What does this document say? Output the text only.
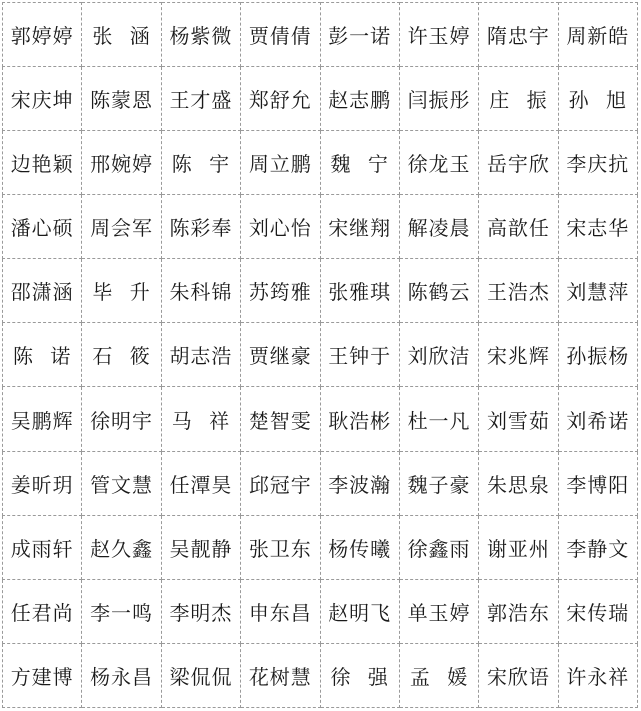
郭婷婷	张 涵	杨紫微	贾倩倩	彭一诺	许玉婷	隋忠宇	周新皓
宋庆坤	陈蒙恩	王才盛	郑舒允	赵志鹏	闫振彤	庄 振	孙 旭
边艳颖	邢婉婷	陈 宇	周立鹏	魏 宁	徐龙玉	岳宇欣	李庆抗
潘心硕	周会军	陈彩奉	刘心怡	宋继翔	解凌晨	高歆任	宋志华
邵潇涵	毕 升	朱科锦	苏筠雅	张雅琪	陈鹤云	王浩杰	刘慧萍
陈 诺	石 筱	胡志浩	贾继豪	王钟于	刘欣洁	宋兆辉	孙振杨
吴鹏辉	徐明宇	马 祥	楚智雯	耿浩彬	杜一凡	刘雪茹	刘希诺
姜昕玥	管文慧	任潭昊	邱冠宇	李波瀚	魏子豪	朱思泉	李博阳
成雨轩	赵久鑫	吴靓静	张卫东	杨传曦	徐鑫雨	谢亚州	李静文
任君尚	李一鸣	李明杰	申东昌	赵明飞	单玉婷	郭浩东	宋传瑞
方建博	杨永昌	梁侃侃	花树慧	徐 强	孟 媛	宋欣语	许永祥
